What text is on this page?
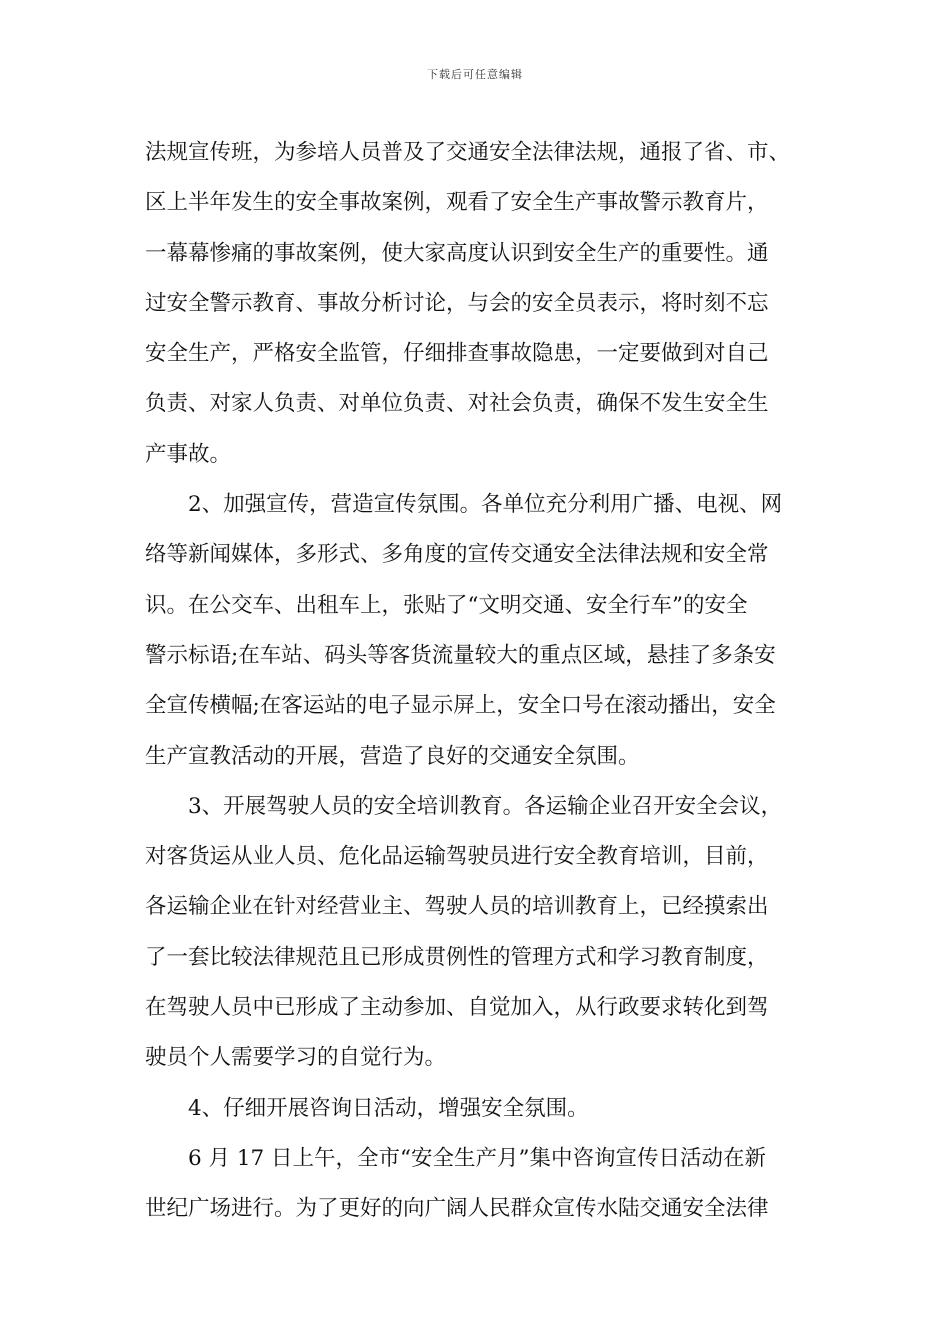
下载后可任意编辑
法规宣传班，为参培人员普及了交通安全法律法规，通报了省、市、
区上半年发生的安全事故案例，观看了安全生产事故警示教育片，
一幕幕惨痛的事故案例，使大家高度认识到安全生产的重要性。通
过安全警示教育、事故分析讨论，与会的安全员表示，将时刻不忘
安全生产，严格安全监管，仔细排查事故隐患，一定要做到对自己
负责、对家人负责、对单位负责、对社会负责，确保不发生安全生
产事故。
2、加强宣传，营造宣传氛围。各单位充分利用广播、电视、网
络等新闻媒体，多形式、多角度的宣传交通安全法律法规和安全常
识。在公交车、出租车上，张贴了“文明交通、安全行车”的安全
警示标语;在车站、码头等客货流量较大的重点区域，悬挂了多条安
全宣传横幅;在客运站的电子显示屏上，安全口号在滚动播出，安全
生产宣教活动的开展，营造了良好的交通安全氛围。
3、开展驾驶人员的安全培训教育。各运输企业召开安全会议，
对客货运从业人员、危化品运输驾驶员进行安全教育培训，目前，
各运输企业在针对经营业主、驾驶人员的培训教育上，已经摸索出
了一套比较法律规范且已形成贯例性的管理方式和学习教育制度，
在驾驶人员中已形成了主动参加、自觉加入，从行政要求转化到驾
驶员个人需要学习的自觉行为。
4、仔细开展咨询日活动，增强安全氛围。
6 月 17 日上午，全市“安全生产月”集中咨询宣传日活动在新
世纪广场进行。为了更好的向广阔人民群众宣传水陆交通安全法律
